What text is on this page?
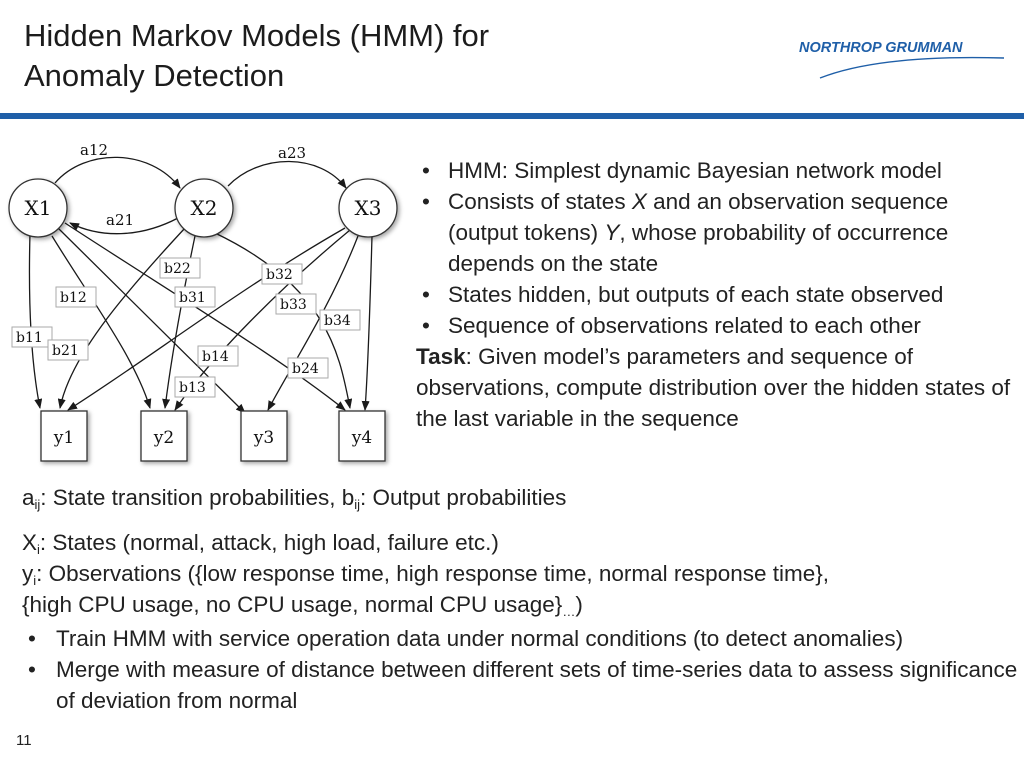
Hidden Markov Models (HMM) for
Anomaly Detection
NORTHROP GRUMMAN
a12
a21
a23
b22	b32
b12	b31	b33
b34
b11
b21	b14
b24
b13
X1	X2	X3
y1	y2	y3	y4
• HMM: Simplest dynamic Bayesian network model
• Consists of states X and an observation sequence (output tokens) Y, whose probability of occurrence depends on the state
• States hidden, but outputs of each state observed
• Sequence of observations related to each other

Task: Given model’s parameters and sequence of observations, compute distribution over the hidden states of the last variable in the sequence

$a_{ij}$: State transition probabilities, $b_{ij}$: Output probabilities

$X_i$: States (normal, attack, high load, failure etc.)

$y_i$: Observations ({low response time, high response time, normal response time},

{high CPU usage, no CPU usage, normal CPU $usage\}_\dots$)

• Train HMM with service operation data under normal conditions (to detect anomalies)
• Merge with measure of distance between different sets of time-series data to assess significance of deviation from normal
11
